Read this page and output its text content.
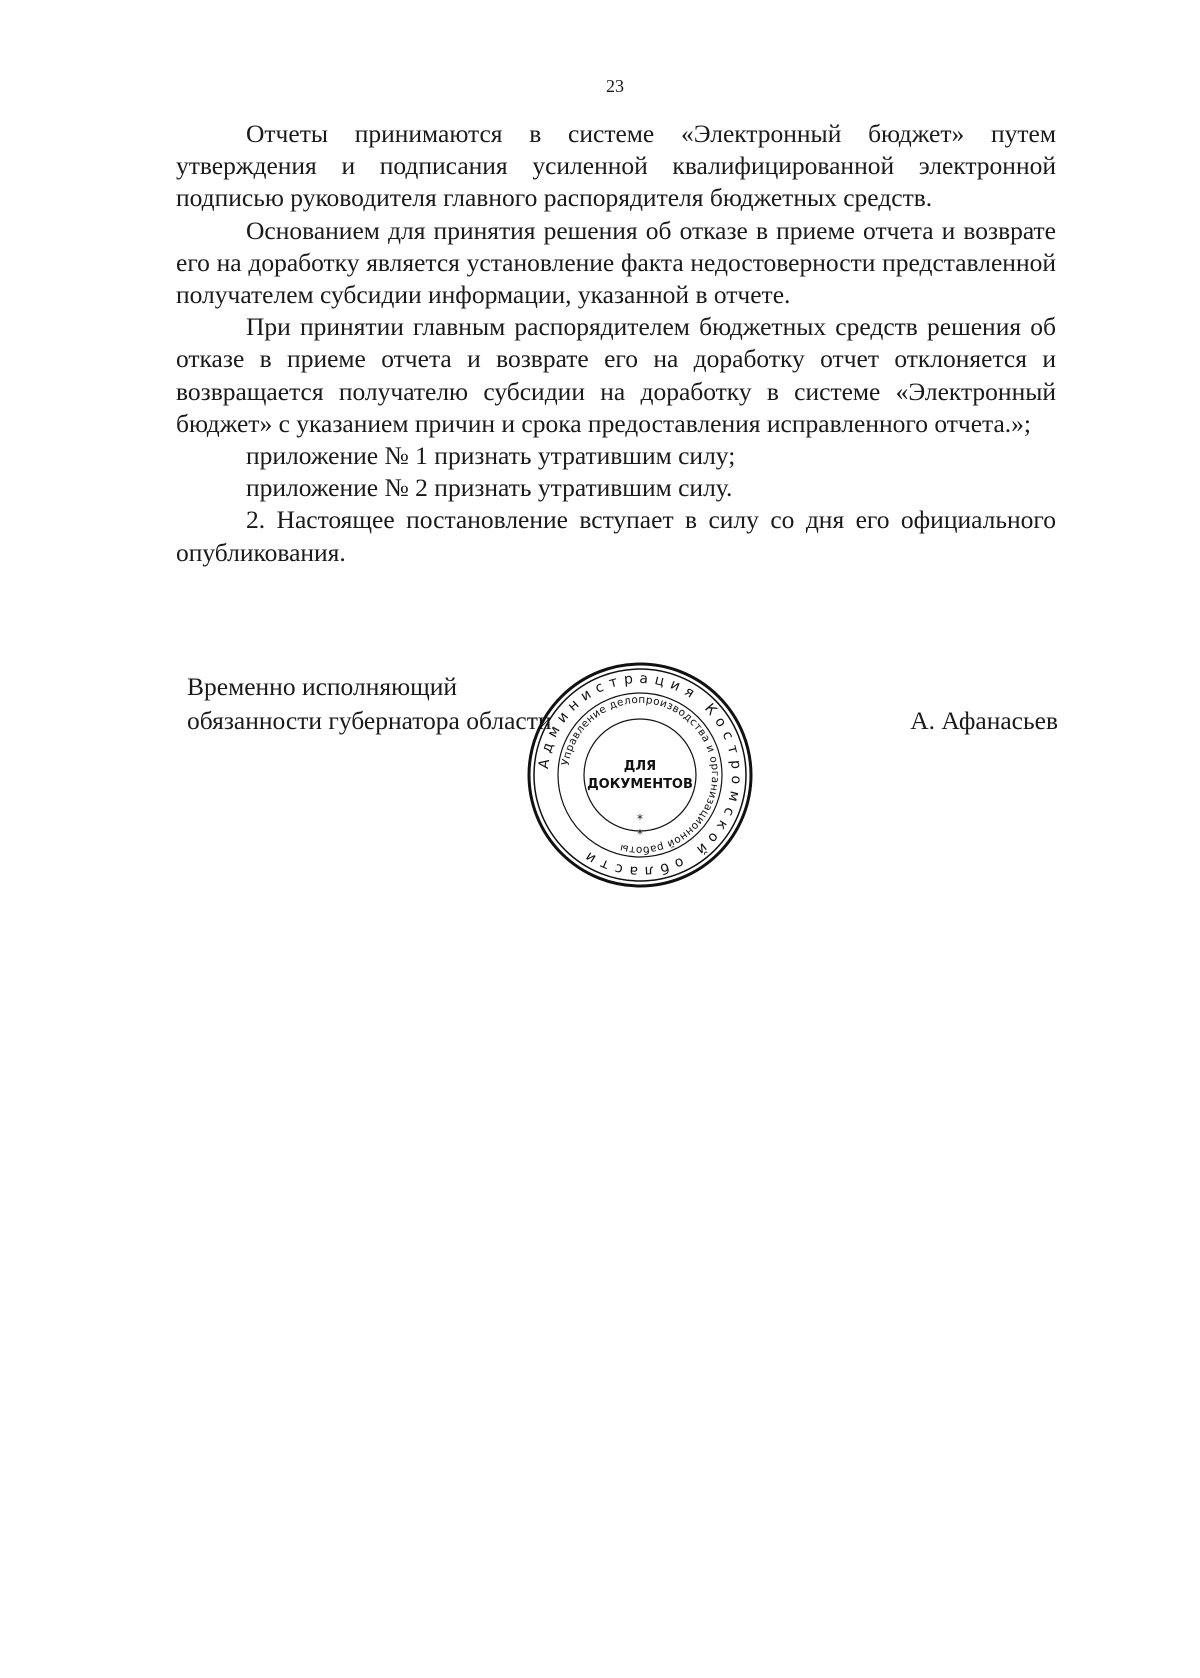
23

Отчеты принимаются в системе «Электронный бюджет» путем утверждения и подписания усиленной квалифицированной электронной подписью руководителя главного распорядителя бюджетных средств.

Основанием для принятия решения об отказе в приеме отчета и возврате его на доработку является установление факта недостоверности представленной получателем субсидии информации, указанной в отчете.

При принятии главным распорядителем бюджетных средств решения об отказе в приеме отчета и возврате его на доработку отчет отклоняется и возвращается получателю субсидии на доработку в системе «Электронный бюджет» с указанием причин и срока предоставления исправленного отчета.»;

приложение № 1 признать утратившим силу;

приложение № 2 признать утратившим силу.

2. Настоящее постановление вступает в силу со дня его официального опубликования.

Временно исполняющий
обязанности губернатора области	А. Афанасьев
Администрация Костромской области
Управление делопроизводства и организационной работы
ДЛЯ
ДОКУМЕНТОВ
*
*
